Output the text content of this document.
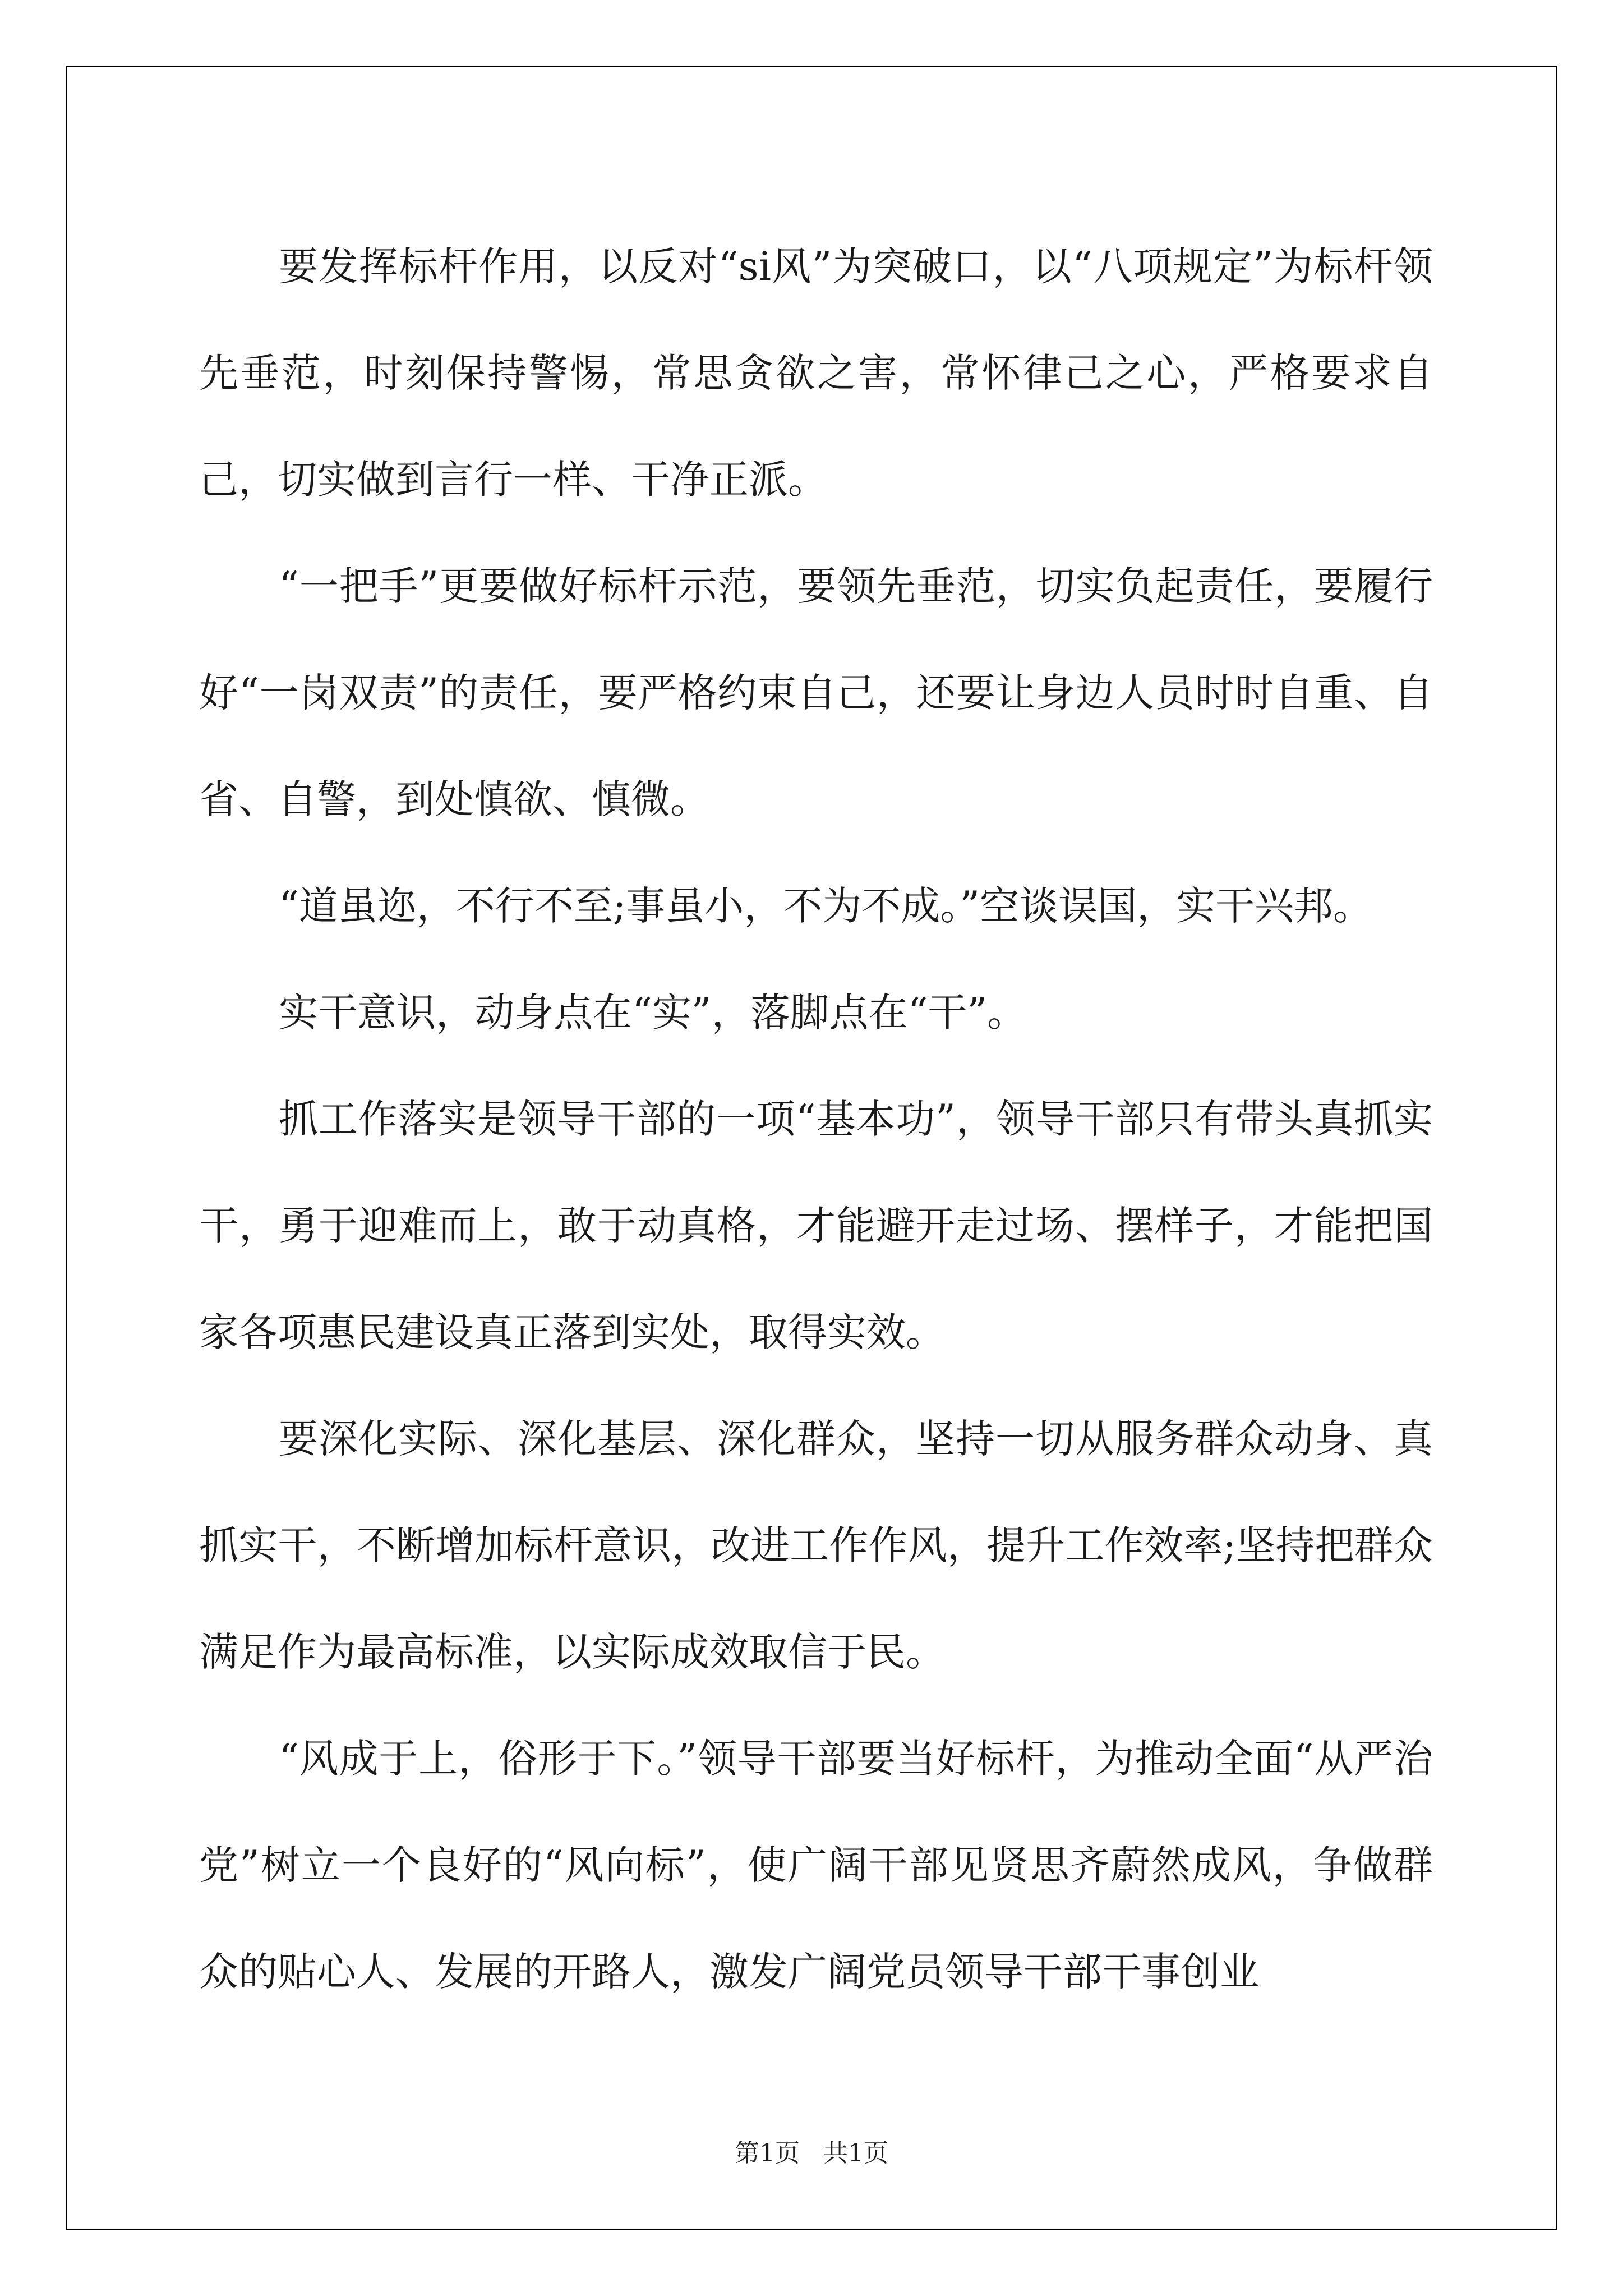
要发挥标杆作用，以反对“si风”为突破口，以“八项规定”为标杆领先垂范，时刻保持警惕，常思贪欲之害，常怀律己之心，严格要求自己，切实做到言行一样、干净正派。

“一把手”更要做好标杆示范，要领先垂范，切实负起责任，要履行好“一岗双责”的责任，要严格约束自己，还要让身边人员时时自重、自省、自警，到处慎欲、慎微。

“道虽迩，不行不至;事虽小，不为不成。”空谈误国，实干兴邦。

实干意识，动身点在“实”，落脚点在“干”。

抓工作落实是领导干部的一项“基本功”，领导干部只有带头真抓实干，勇于迎难而上，敢于动真格，才能避开走过场、摆样子，才能把国家各项惠民建设真正落到实处，取得实效。

要深化实际、深化基层、深化群众，坚持一切从服务群众动身、真抓实干，不断增加标杆意识，改进工作作风，提升工作效率;坚持把群众满足作为最高标准，以实际成效取信于民。

“风成于上，俗形于下。”领导干部要当好标杆，为推动全面“从严治党”树立一个良好的“风向标”，使广阔干部见贤思齐蔚然成风，争做群众的贴心人、发展的开路人，激发广阔党员领导干部干事创业

第1页   共1页
